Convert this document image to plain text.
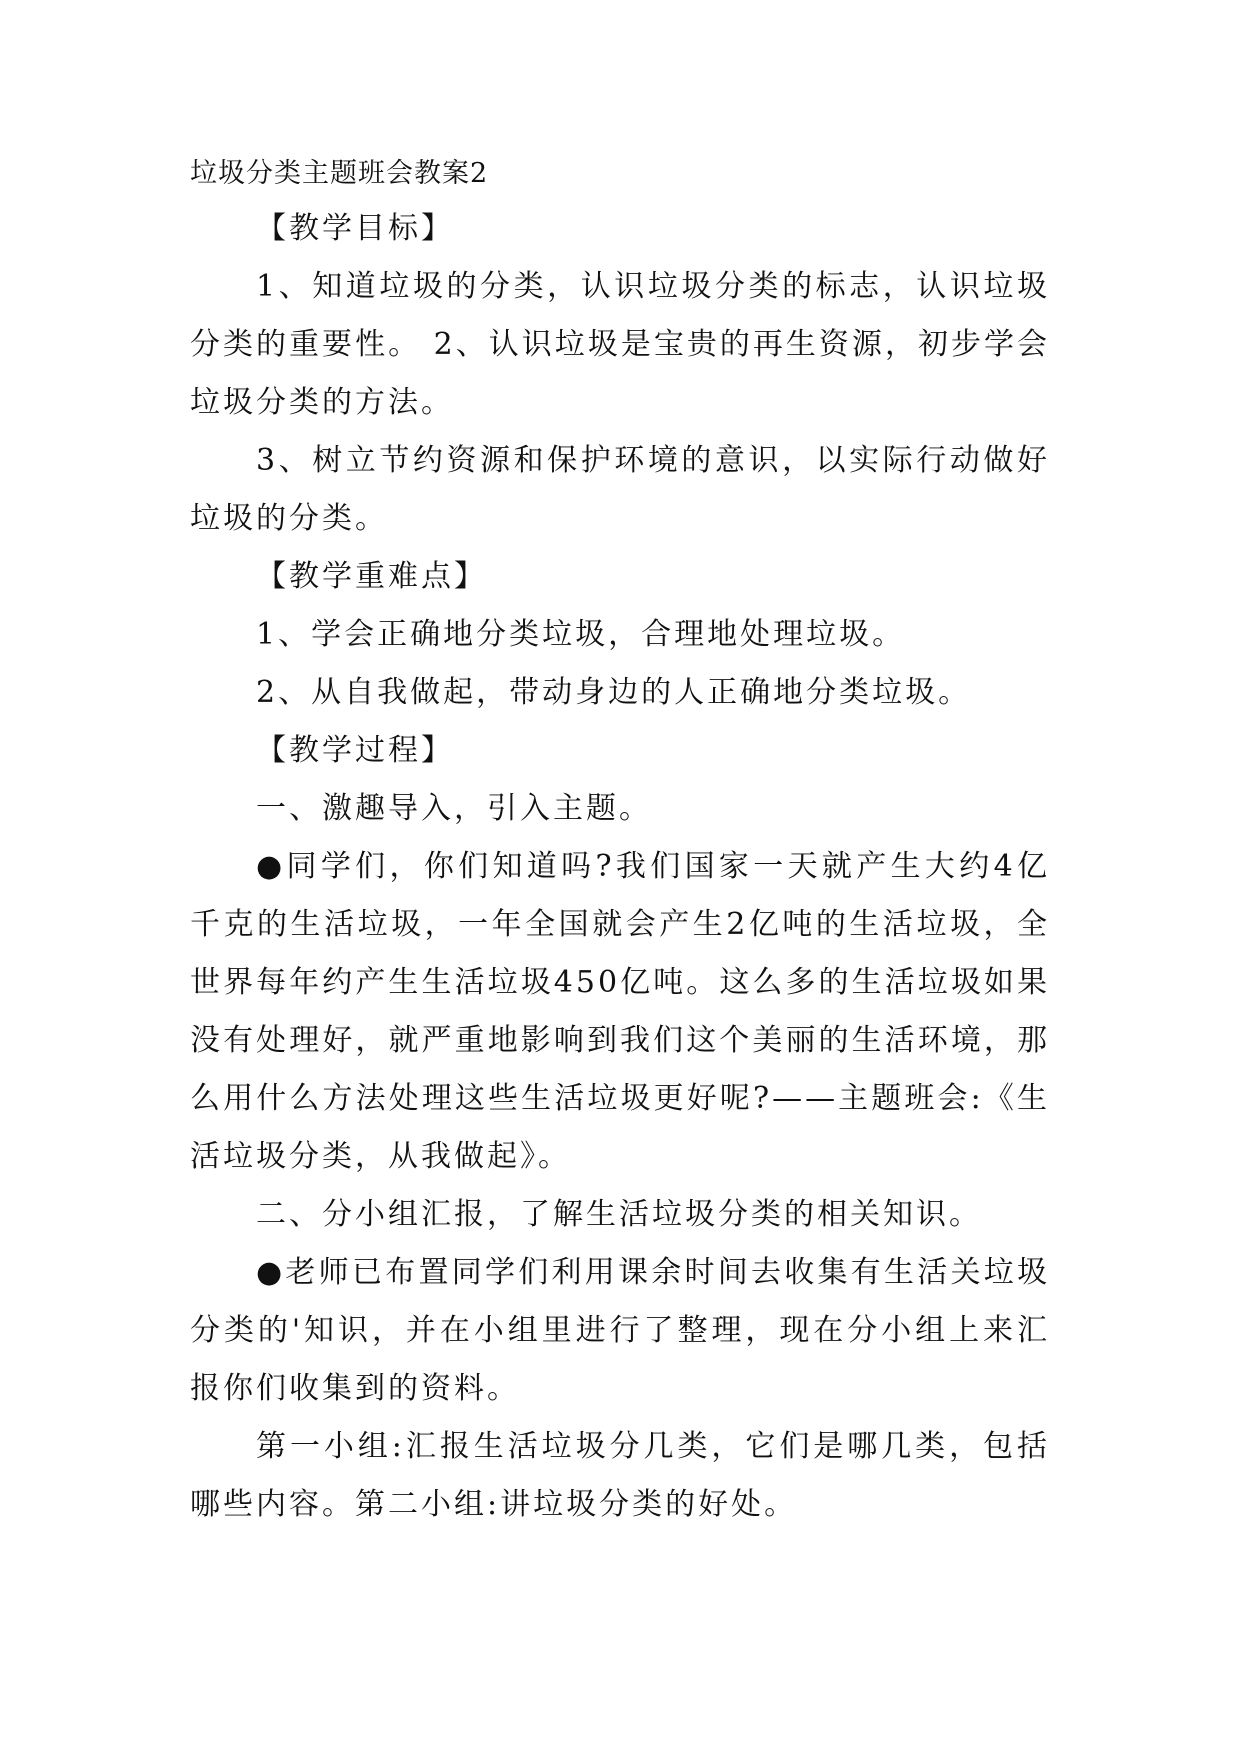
垃圾分类主题班会教案2

【教学目标】

1、知道垃圾的分类，认识垃圾分类的标志，认识垃圾分类的重要性。 2、认识垃圾是宝贵的再生资源，初步学会垃圾分类的方法。

3、树立节约资源和保护环境的意识，以实际行动做好垃圾的分类。

【教学重难点】

1、学会正确地分类垃圾，合理地处理垃圾。

2、从自我做起，带动身边的人正确地分类垃圾。

【教学过程】

一、激趣导入，引入主题。

●同学们，你们知道吗?我们国家一天就产生大约4亿千克的生活垃圾，一年全国就会产生2亿吨的生活垃圾，全世界每年约产生生活垃圾450亿吨。这么多的生活垃圾如果没有处理好，就严重地影响到我们这个美丽的生活环境，那么用什么方法处理这些生活垃圾更好呢?——主题班会:《生活垃圾分类，从我做起》。

二、分小组汇报，了解生活垃圾分类的相关知识。

●老师已布置同学们利用课余时间去收集有生活关垃圾分类的'知识，并在小组里进行了整理，现在分小组上来汇报你们收集到的资料。

第一小组:汇报生活垃圾分几类，它们是哪几类，包括哪些内容。第二小组:讲垃圾分类的好处。
